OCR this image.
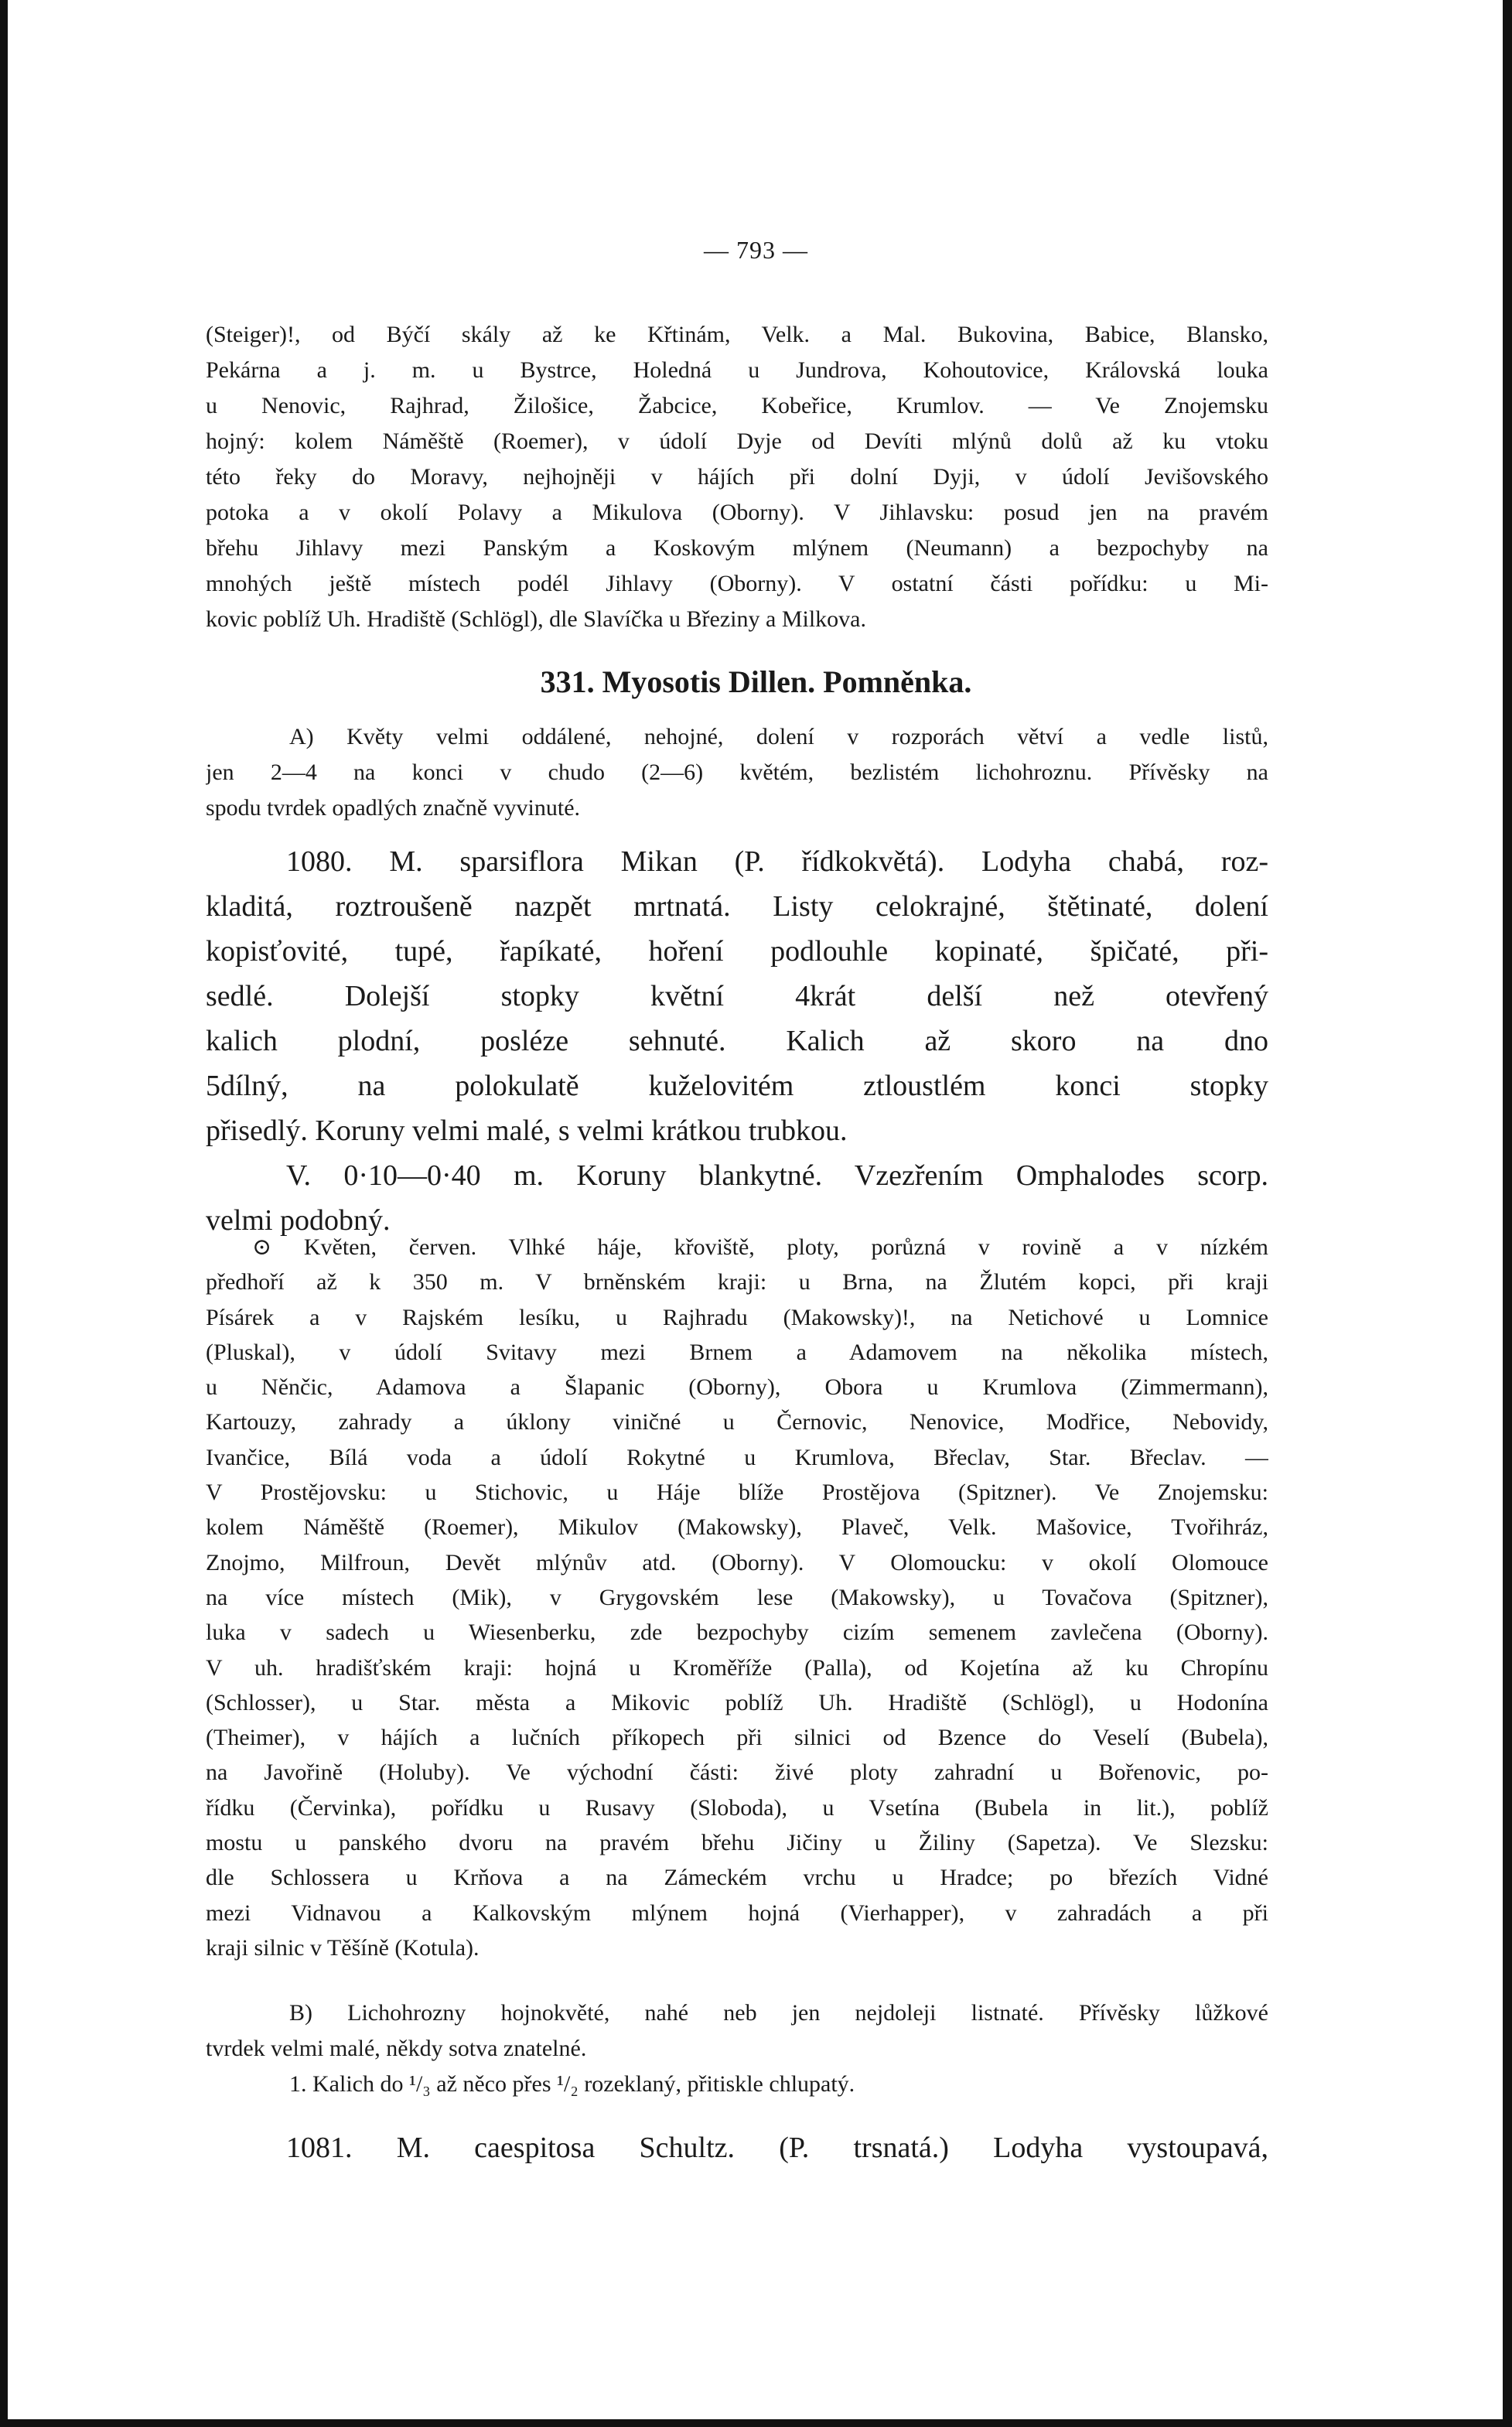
— 793 —
(Steiger)!, od Býčí skály až ke Křtinám, Velk. a Mal. Bukovina, Babice, Blansko,
Pekárna a j. m. u Bystrce, Holedná u Jundrova, Kohoutovice, Královská louka
u Nenovic, Rajhrad, Žilošice, Žabcice, Kobeřice, Krumlov. — Ve Znojemsku
hojný: kolem Náměště (Roemer), v údolí Dyje od Devíti mlýnů dolů až ku vtoku
této řeky do Moravy, nejhojněji v hájích při dolní Dyji, v údolí Jevišovského
potoka a v okolí Polavy a Mikulova (Oborny). V Jihlavsku: posud jen na pravém
břehu Jihlavy mezi Panským a Koskovým mlýnem (Neumann) a bezpochyby na
mnohých ještě místech podél Jihlavy (Oborny). V ostatní části pořídku: u Mi-
kovic poblíž Uh. Hradiště (Schlögl), dle Slavíčka u Březiny a Milkova.
331. Myosotis Dillen. Pomněnka.
A) Květy velmi oddálené, nehojné, dolení v rozporách větví a vedle listů,
jen 2—4 na konci v chudo (2—6) květém, bezlistém lichohroznu. Přívěsky na
spodu tvrdek opadlých značně vyvinuté.
1080. M. sparsiflora Mikan (P. řídkokvětá). Lodyha chabá, roz-
kladitá, roztroušeně nazpět mrtnatá. Listy celokrajné, štětinaté, dolení
kopisťovité, tupé, řapíkaté, hoření podlouhle kopinaté, špičaté, při-
sedlé. Dolejší stopky květní 4krát delší než otevřený
kalich plodní, posléze sehnuté. Kalich až skoro na dno
5dílný, na polokulatě kuželovitém ztloustlém konci stopky
přisedlý. Koruny velmi malé, s velmi krátkou trubkou.
V. 0·10—0·40 m. Koruny blankytné. Vzezřením Omphalodes scorp.
velmi podobný.
⊙ Květen, červen. Vlhké háje, křoviště, ploty, porůzná v rovině a v nízkém
předhoří až k 350 m. V brněnském kraji: u Brna, na Žlutém kopci, při kraji
Písárek a v Rajském lesíku, u Rajhradu (Makowsky)!, na Netichové u Lomnice
(Pluskal), v údolí Svitavy mezi Brnem a Adamovem na několika místech,
u Něnčic, Adamova a Šlapanic (Oborny), Obora u Krumlova (Zimmermann),
Kartouzy, zahrady a úklony viničné u Černovic, Nenovice, Modřice, Nebovidy,
Ivančice, Bílá voda a údolí Rokytné u Krumlova, Břeclav, Star. Břeclav. —
V Prostějovsku: u Stichovic, u Háje blíže Prostějova (Spitzner). Ve Znojemsku:
kolem Náměště (Roemer), Mikulov (Makowsky), Plaveč, Velk. Mašovice, Tvořihráz,
Znojmo, Milfroun, Devět mlýnův atd. (Oborny). V Olomoucku: v okolí Olomouce
na více místech (Mik), v Grygovském lese (Makowsky), u Tovačova (Spitzner),
luka v sadech u Wiesenberku, zde bezpochyby cizím semenem zavlečena (Oborny).
V uh. hradišťském kraji: hojná u Kroměříže (Palla), od Kojetína až ku Chropínu
(Schlosser), u Star. města a Mikovic poblíž Uh. Hradiště (Schlögl), u Hodonína
(Theimer), v hájích a lučních příkopech při silnici od Bzence do Veselí (Bubela),
na Javořině (Holuby). Ve východní části: živé ploty zahradní u Bořenovic, po-
řídku (Červinka), pořídku u Rusavy (Sloboda), u Vsetína (Bubela in lit.), poblíž
mostu u panského dvoru na pravém břehu Jičiny u Žiliny (Sapetza). Ve Slezsku:
dle Schlossera u Krňova a na Zámeckém vrchu u Hradce; po březích Vidné
mezi Vidnavou a Kalkovským mlýnem hojná (Vierhapper), v zahradách a při
kraji silnic v Těšíně (Kotula).
B) Lichohrozny hojnokvěté, nahé neb jen nejdoleji listnaté. Přívěsky lůžkové
tvrdek velmi malé, někdy sotva znatelné.
1. Kalich do ¹/₃ až něco přes ¹/₂ rozeklaný, přitiskle chlupatý.
1081. M. caespitosa Schultz. (P. trsnatá.) Lodyha vystoupavá,
